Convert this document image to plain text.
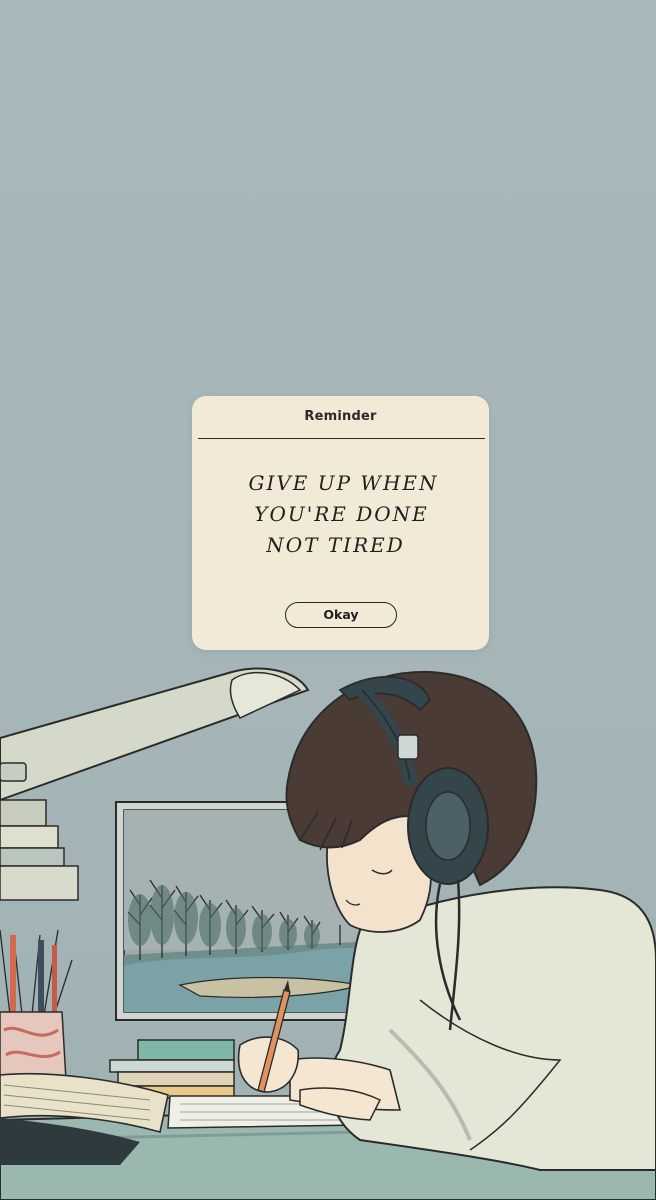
Reminder
GIVE UP WHEN
YOU'RE DONE
NOT TIRED
Okay
